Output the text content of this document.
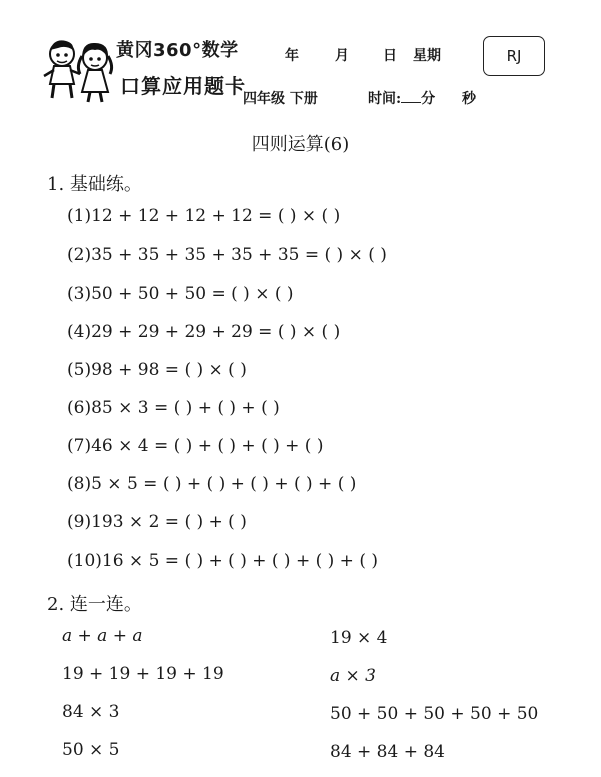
黄冈360°数学
口算应用题卡
年	月 日 星期
四年级 下册	时间: 分 秒
RJ
四则运算(6)
1. 基础练。
(1)12 + 12 + 12 + 12 = ( ) × ( )
(2)35 + 35 + 35 + 35 + 35 = ( ) × ( )
(3)50 + 50 + 50 = ( ) × ( )
(4)29 + 29 + 29 + 29 = ( ) × ( )
(5)98 + 98 = ( ) × ( )
(6)85 × 3 = ( ) + ( ) + ( )
(7)46 × 4 = ( ) + ( ) + ( ) + ( )
(8)5 × 5 = ( ) + ( ) + ( ) + ( ) + ( )
(9)193 × 2 = ( ) + ( )
(10)16 × 5 = ( ) + ( ) + ( ) + ( ) + ( )
2. 连一连。
a + a + a
19 + 19 + 19 + 19
84 × 3
50 × 5
19 × 4
a × 3
50 + 50 + 50 + 50 + 50
84 + 84 + 84
